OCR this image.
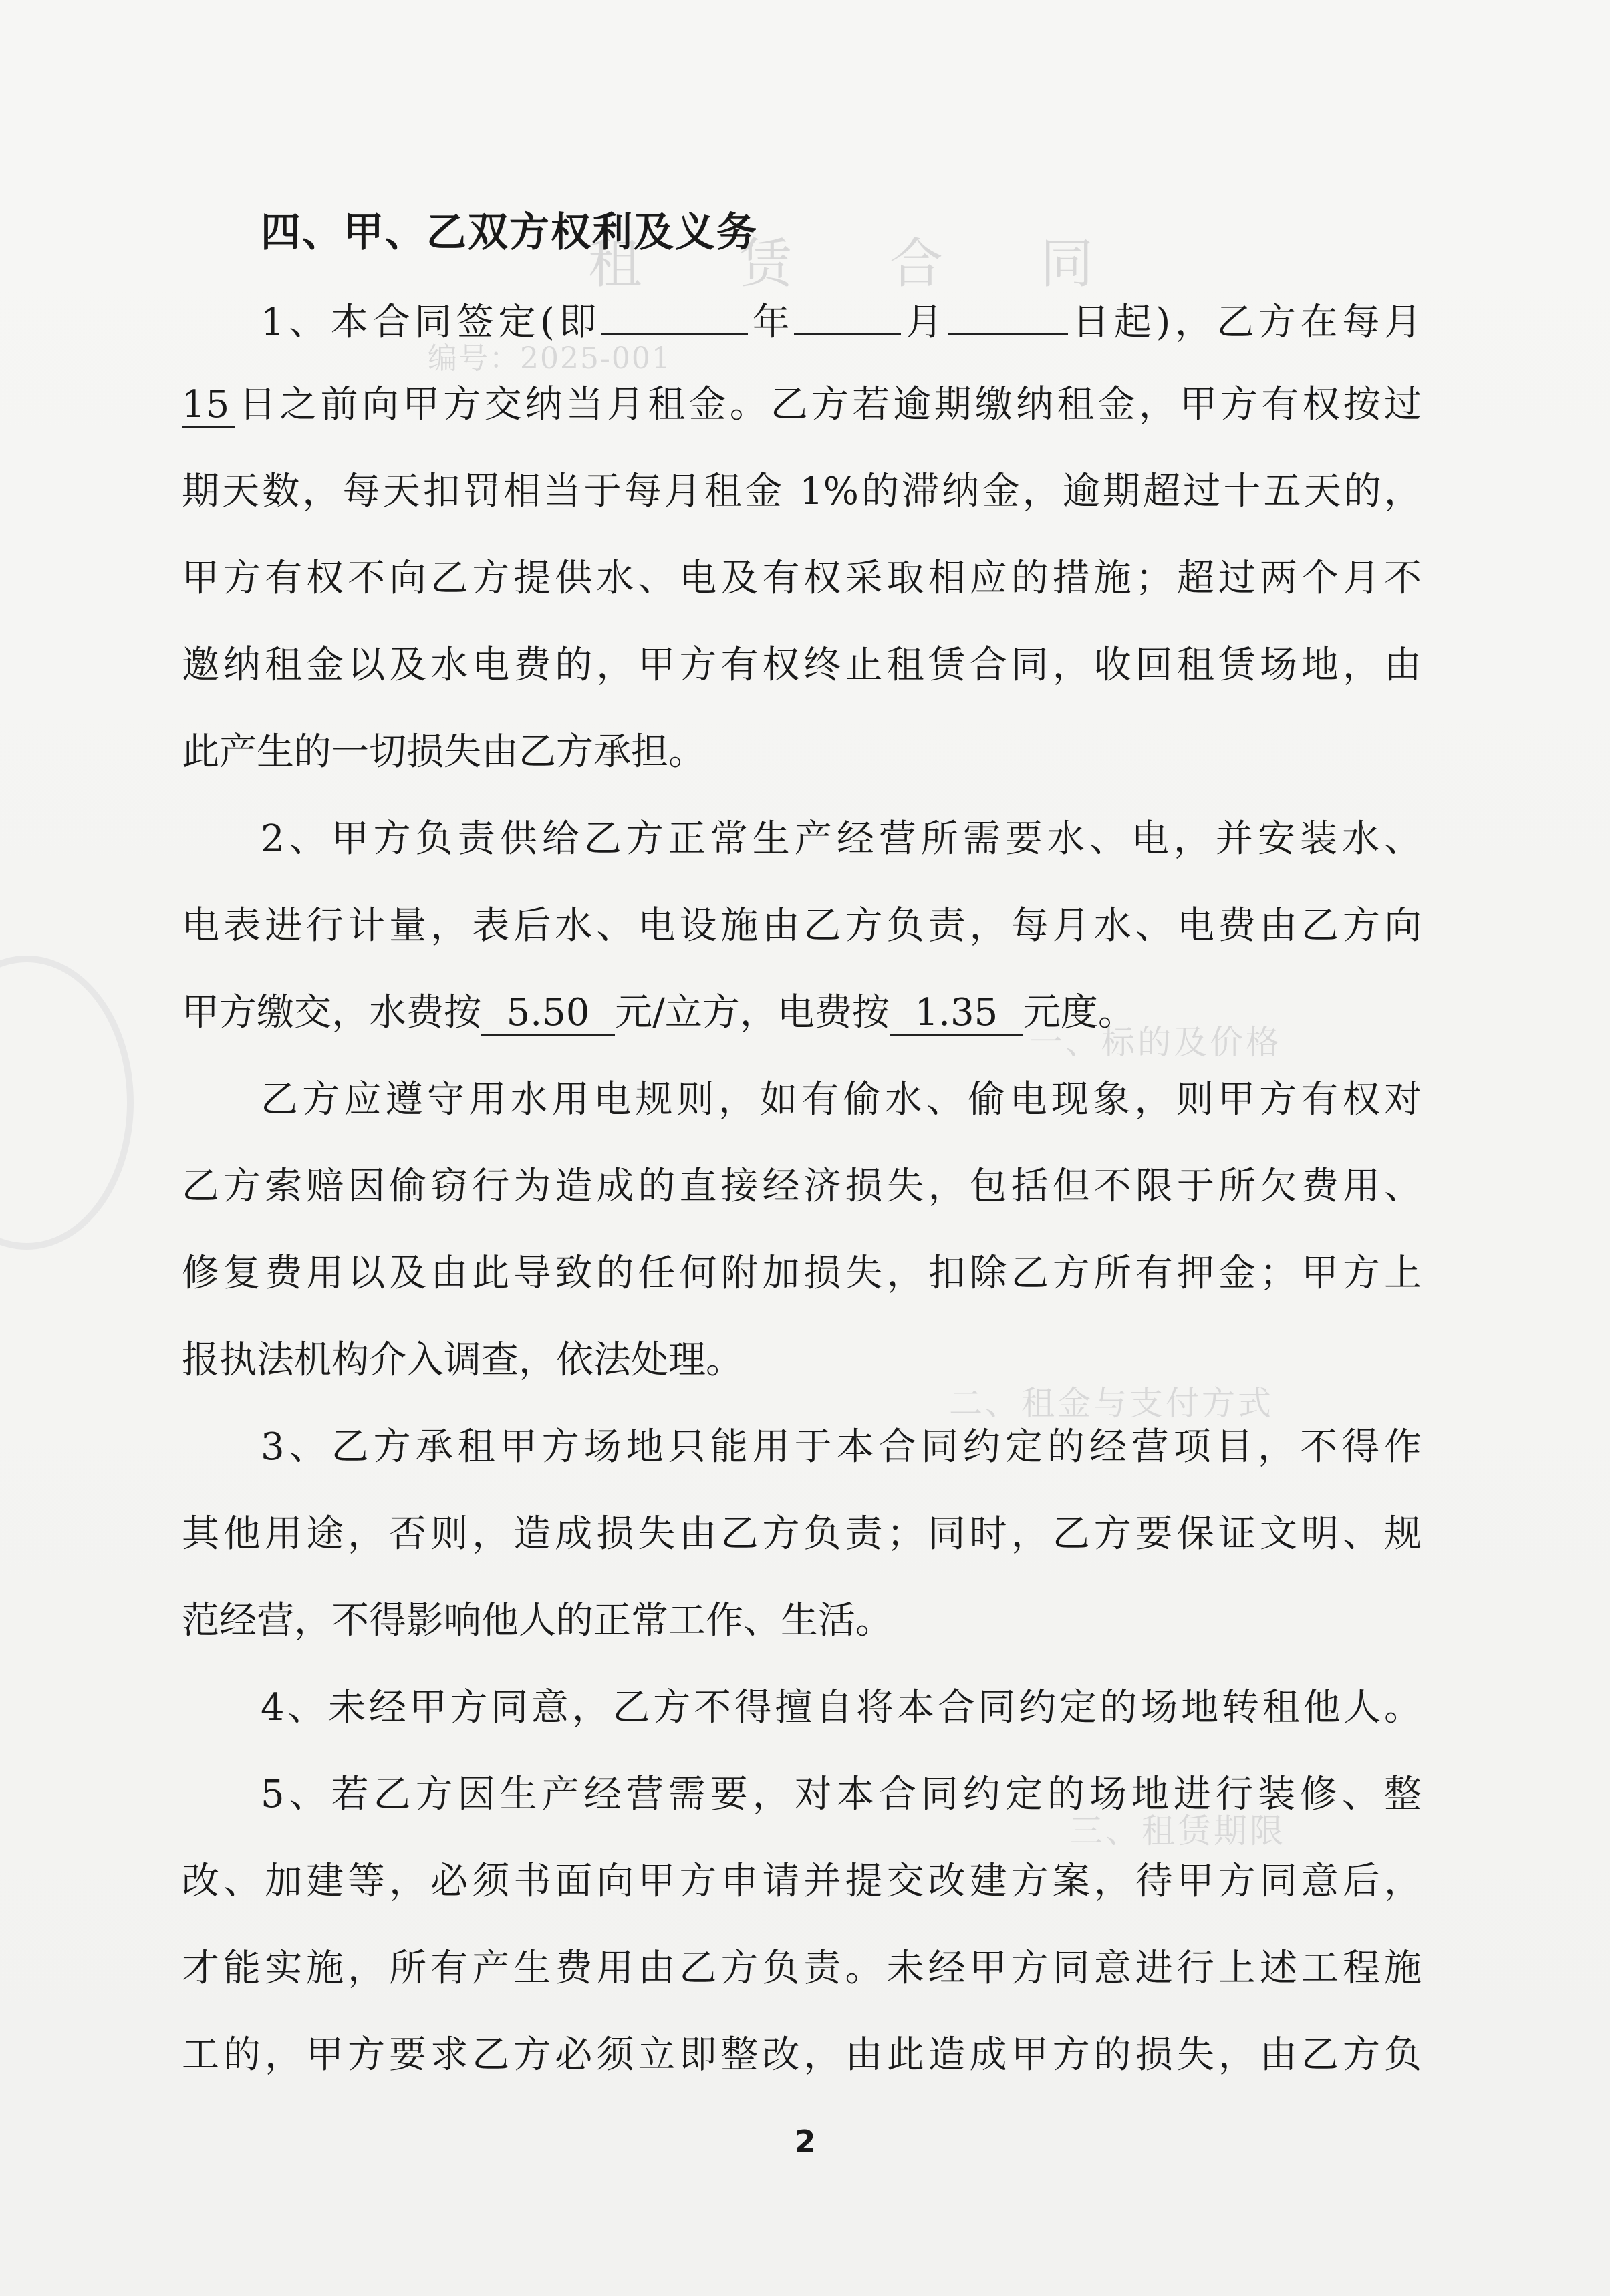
租 赁 合 同
编号：2025-001
一、标的及价格
二、租金与支付方式
三、租赁期限
四、甲、乙双方权利及义务
1、本合同签定(即	年	月	日起)，乙方在每月
15 日之前向甲方交纳当月租金。乙方若逾期缴纳租金，甲方有权按过
期天数，每天扣罚相当于每月租金 1%的滞纳金，逾期超过十五天的，
甲方有权不向乙方提供水、电及有权采取相应的措施；超过两个月不
邀纳租金以及水电费的，甲方有权终止租赁合同，收回租赁场地，由
此产生的一切损失由乙方承担。
2、甲方负责供给乙方正常生产经营所需要水、电，并安装水、
电表进行计量，表后水、电设施由乙方负责，每月水、电费由乙方向
甲方缴交，水费按 5.50 元/立方，电费按 1.35 元度。
乙方应遵守用水用电规则，如有偷水、偷电现象，则甲方有权对
乙方索赔因偷窃行为造成的直接经济损失，包括但不限于所欠费用、
修复费用以及由此导致的任何附加损失，扣除乙方所有押金；甲方上
报执法机构介入调查，依法处理。
3、乙方承租甲方场地只能用于本合同约定的经营项目，不得作
其他用途，否则，造成损失由乙方负责；同时，乙方要保证文明、规
范经营，不得影响他人的正常工作、生活。
4、未经甲方同意，乙方不得擅自将本合同约定的场地转租他人。
5、若乙方因生产经营需要，对本合同约定的场地进行装修、整
改、加建等，必须书面向甲方申请并提交改建方案，待甲方同意后，
才能实施，所有产生费用由乙方负责。未经甲方同意进行上述工程施
工的，甲方要求乙方必须立即整改，由此造成甲方的损失，由乙方负
2
